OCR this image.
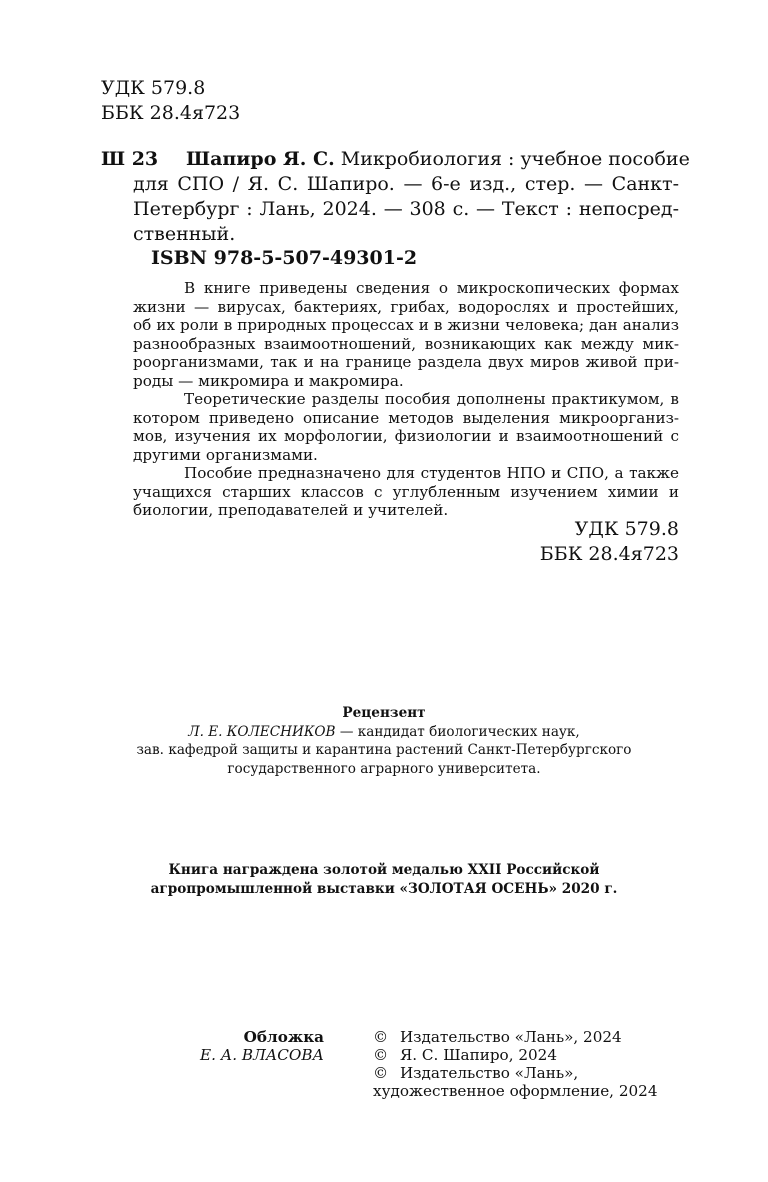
УДК 579.8
ББК 28.4я723
Ш 23	Шапиро Я. С. Микробиология : учебное пособие
для СПО / Я. С. Шапиро. — 6-е изд., стер. — Санкт-
Петербург : Лань, 2024. — 308 с. — Текст : непосред-
ственный.
ISBN 978-5-507-49301-2
В книге приведены сведения о микроскопических формах
жизни — вирусах, бактериях, грибах, водорослях и простейших,
об их роли в природных процессах и в жизни человека; дан анализ
разнообразных взаимоотношений, возникающих как между мик-
роорганизмами, так и на границе раздела двух миров живой при-
роды — микромира и макромира.
Теоретические разделы пособия дополнены практикумом, в
котором приведено описание методов выделения микроорганиз-
мов, изучения их морфологии, физиологии и взаимоотношений с
другими организмами.
Пособие предназначено для студентов НПО и СПО, а также
учащихся старших классов с углубленным изучением химии и
биологии, преподавателей и учителей.
УДК 579.8
ББК 28.4я723
Рецензент
Л. Е. КОЛЕСНИКОВ — кандидат биологических наук,
зав. кафедрой защиты и карантина растений Санкт-Петербургского
государственного аграрного университета.
Книга награждена золотой медалью XXII Российской
агропромышленной выставки «ЗОЛОТАЯ ОСЕНЬ» 2020 г.
Обложка
Е. А. ВЛАСОВА
© Издательство «Лань», 2024
© Я. С. Шапиро, 2024
© Издательство «Лань»,
художественное оформление, 2024
